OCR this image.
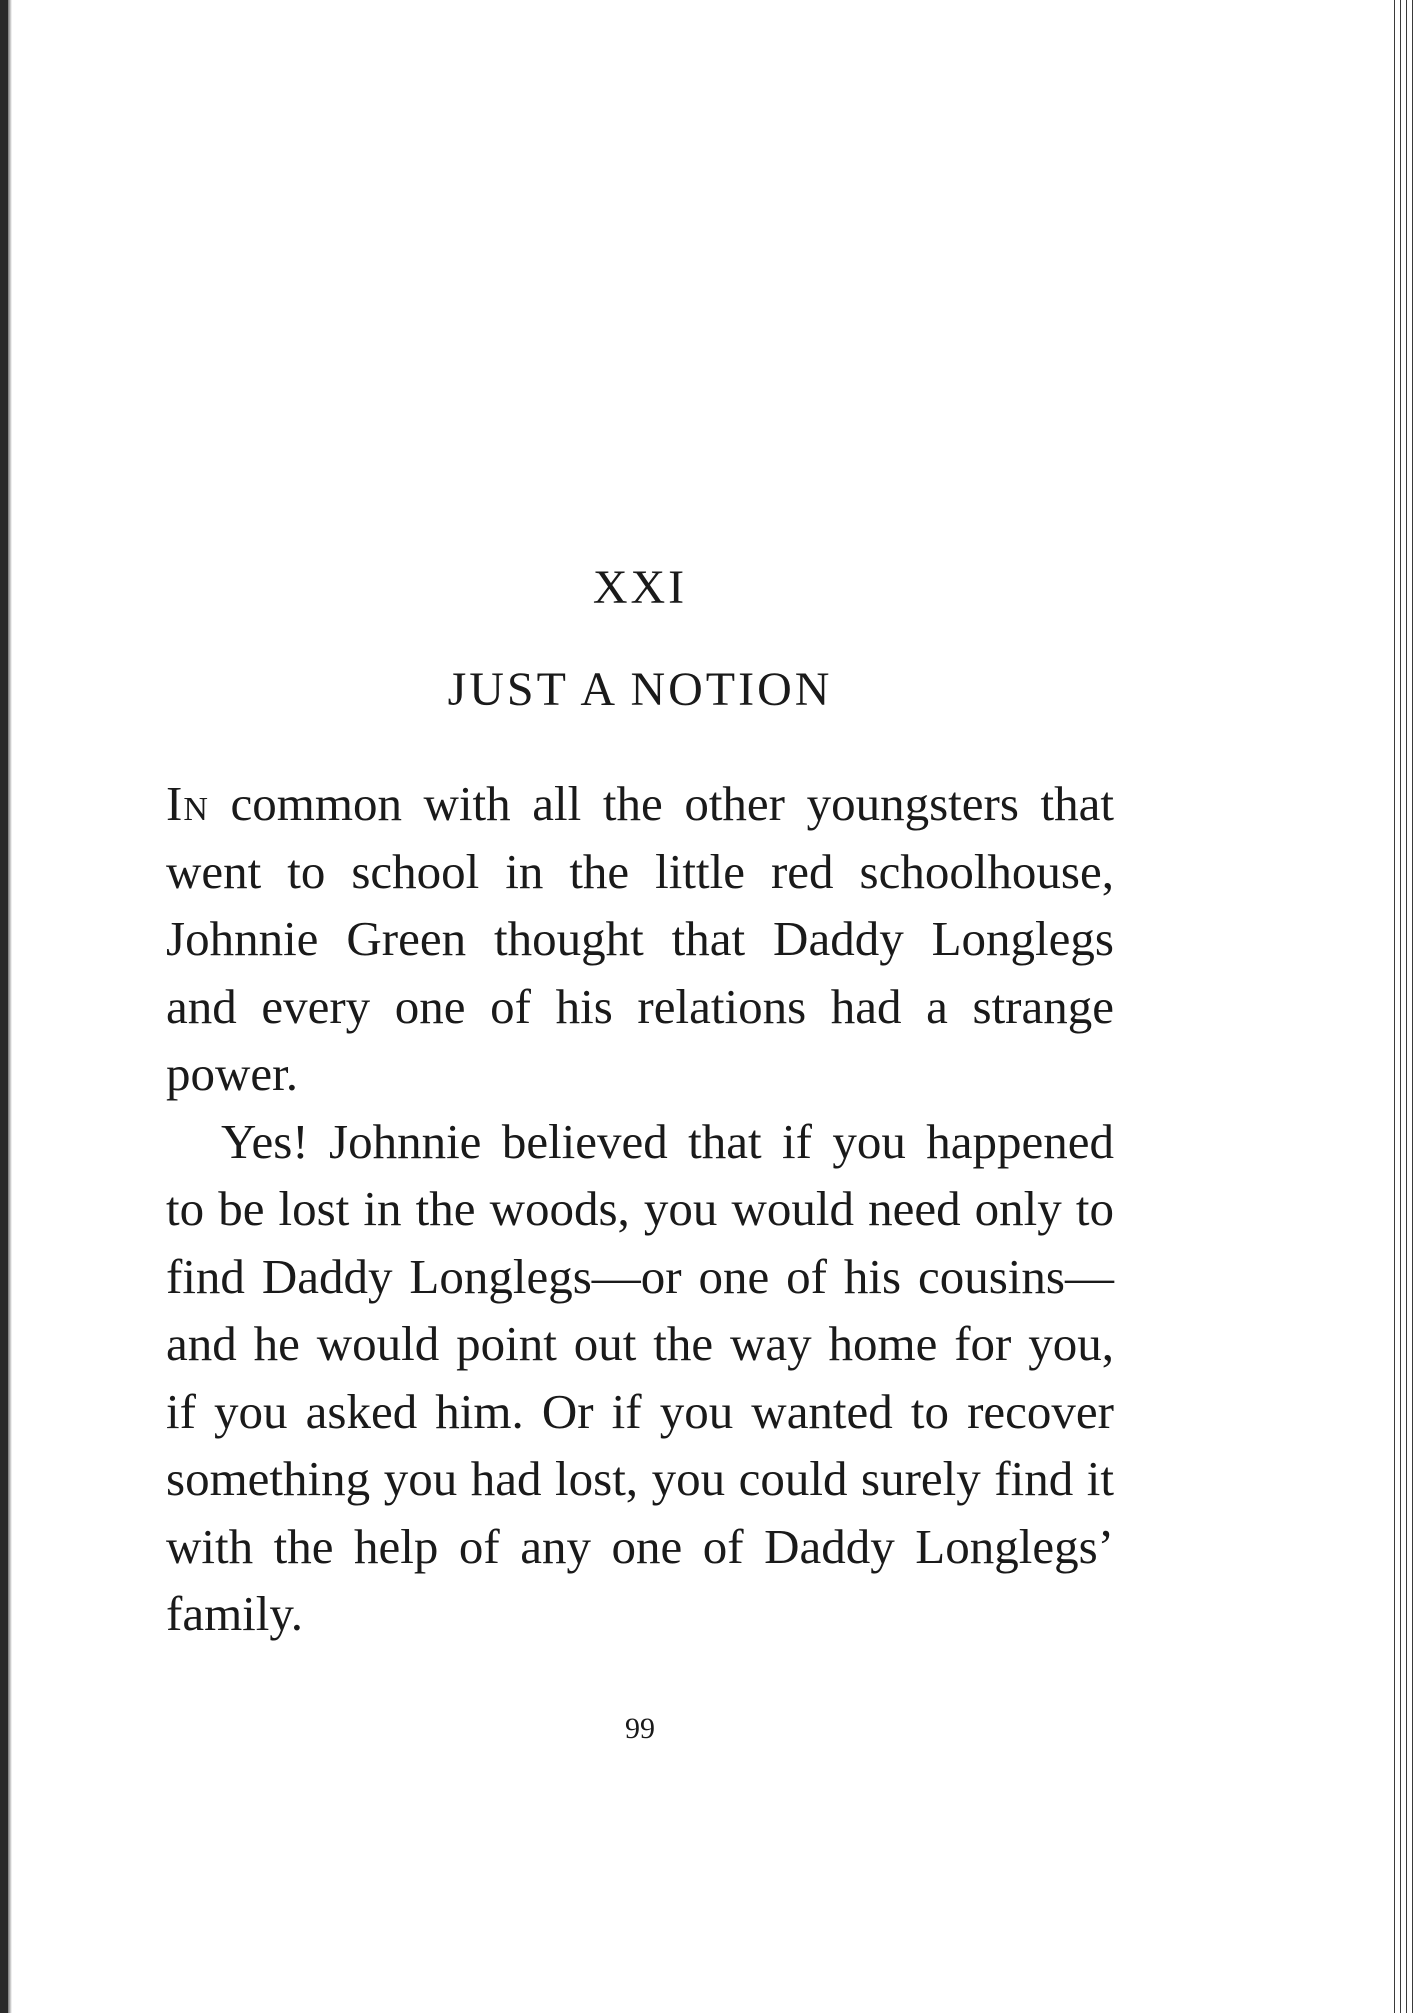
XXI
JUST A NOTION

In common with all the other youngsters that went to school in the little red schoolhouse, Johnnie Green thought that Daddy Longlegs and every one of his relations had a strange power.

Yes! Johnnie believed that if you happened to be lost in the woods, you would need only to find Daddy Longlegs—or one of his cousins—and he would point out the way home for you, if you asked him. Or if you wanted to recover something you had lost, you could surely find it with the help of any one of Daddy Longlegs’ family.

99
